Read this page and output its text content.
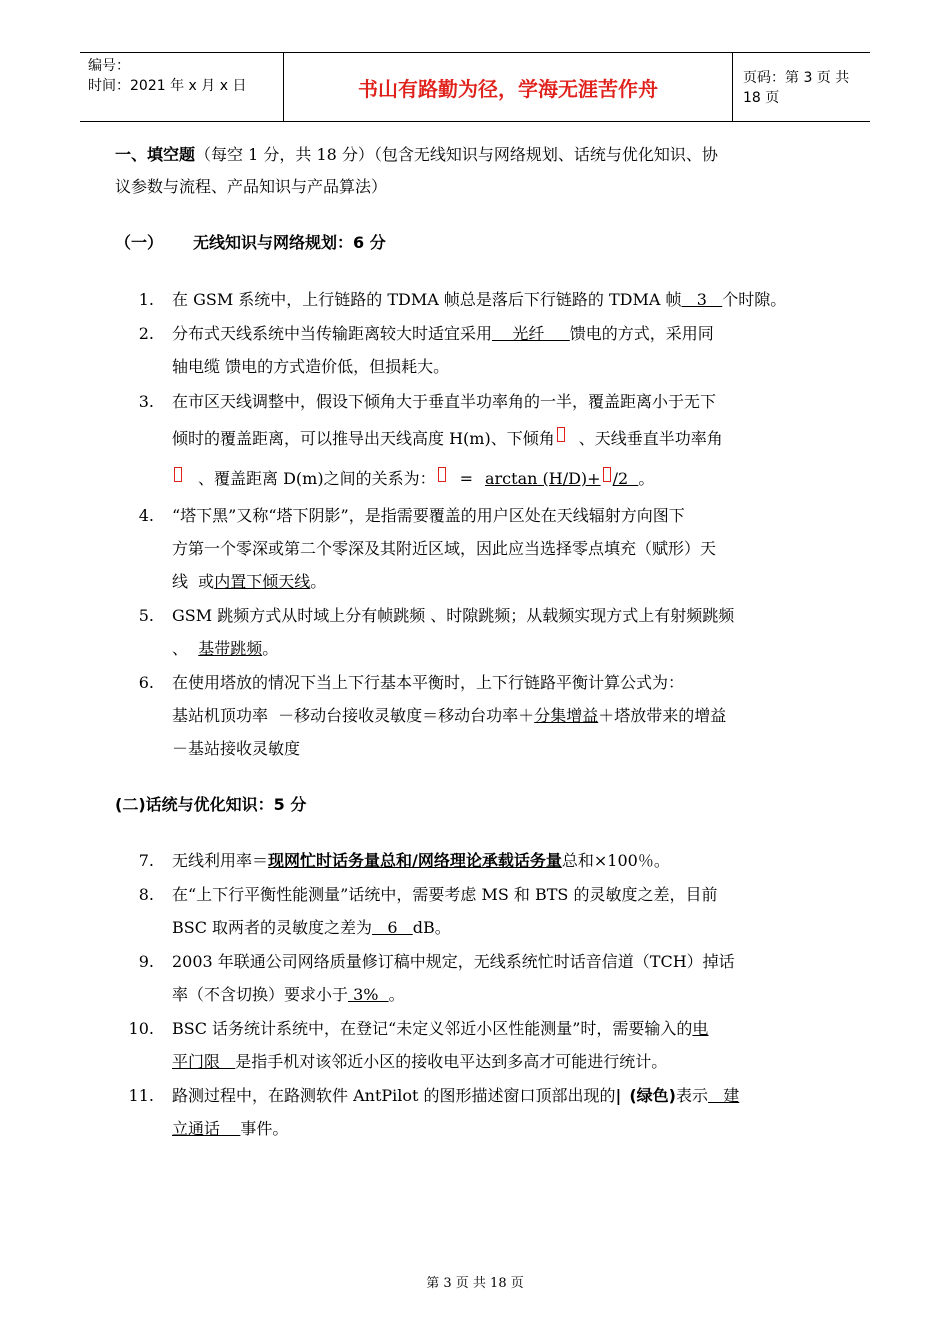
编号：
时间：2021 年 x 月 x 日	书山有路勤为径，学海无涯苦作舟	页码：第 3 页 共 18 页
一、填空题（每空 1 分，共 18 分）（包含无线知识与网络规划、话统与优化知识、协
议参数与流程、产品知识与产品算法）
（一） 无线知识与网络规划：6 分
1. 在 GSM 系统中，上行链路的 TDMA 帧总是落后下行链路的 TDMA 帧   3   个时隙。
2. 分布式天线系统中当传输距离较大时适宜采用    光纤     馈电的方式，采用同
轴电缆 馈电的方式造价低，但损耗大。
3. 在市区天线调整中，假设下倾角大于垂直半功率角的一半，覆盖距离小于无下
倾时的覆盖距离，可以推导出天线高度 H(m)、下倾角 、天线垂直半功率角
、覆盖距离 D(m)之间的关系为： = arctan (H/D)+ /2  。
4. “塔下黑”又称“塔下阴影”，是指需要覆盖的用户区处在天线辐射方向图下
方第一个零深或第二个零深及其附近区域，因此应当选择零点填充（赋形）天
线  或内置下倾天线。
5. GSM 跳频方式从时域上分有帧跳频 、时隙跳频；从载频实现方式上有射频跳频
、  基带跳频。
6. 在使用塔放的情况下当上下行基本平衡时，上下行链路平衡计算公式为：
基站机顶功率  －移动台接收灵敏度＝移动台功率＋分集增益＋塔放带来的增益
－基站接收灵敏度
(二)话统与优化知识：5 分
7. 无线利用率＝现网忙时话务量总和/网络理论承载话务量总和×100％。
8. 在“上下行平衡性能测量”话统中，需要考虑 MS 和 BTS 的灵敏度之差，目前
BSC 取两者的灵敏度之差为   6   dB。
9. 2003 年联通公司网络质量修订稿中规定，无线系统忙时话音信道（TCH）掉话
率（不含切换）要求小于 3%  。
10. BSC 话务统计系统中，在登记“未定义邻近小区性能测量”时，需要输入的电
平门限   是指手机对该邻近小区的接收电平达到多高才可能进行统计。
11. 路测过程中，在路测软件 AntPilot 的图形描述窗口顶部出现的| (绿色)表示   建
立通话    事件。
第 3 页 共 18 页
